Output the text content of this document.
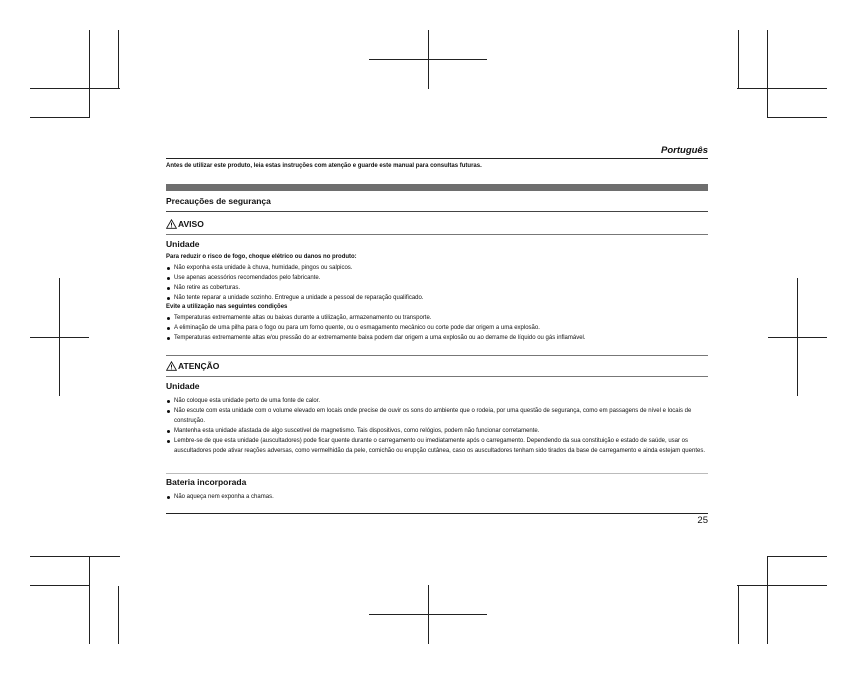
Português
Antes de utilizar este produto, leia estas instruções com atenção e guarde este manual para consultas futuras.
Precauções de segurança
AVISO
Unidade
Para reduzir o risco de fogo, choque elétrico ou danos no produto:
Não exponha esta unidade à chuva, humidade, pingos ou salpicos.
Use apenas acessórios recomendados pelo fabricante.
Não retire as coberturas.
Não tente reparar a unidade sozinho. Entregue a unidade a pessoal de reparação qualificado.
Evite a utilização nas seguintes condições
Temperaturas extremamente altas ou baixas durante a utilização, armazenamento ou transporte.
A eliminação de uma pilha para o fogo ou para um forno quente, ou o esmagamento mecânico ou corte pode dar origem a uma explosão.
Temperaturas extremamente altas e/ou pressão do ar extremamente baixa podem dar origem a uma explosão ou ao derrame de líquido ou gás inflamável.
ATENÇÃO
Unidade
Não coloque esta unidade perto de uma fonte de calor.
Não escute com esta unidade com o volume elevado em locais onde precise de ouvir os sons do ambiente que o rodeia, por uma questão de segurança, como em passagens de nível e locais de construção.
Mantenha esta unidade afastada de algo suscetível de magnetismo. Tais dispositivos, como relógios, podem não funcionar corretamente.
Lembre-se de que esta unidade (auscultadores) pode ficar quente durante o carregamento ou imediatamente após o carregamento. Dependendo da sua constituição e estado de saúde, usar os auscultadores pode ativar reações adversas, como vermelhidão da pele, comichão ou erupção cutânea, caso os auscultadores tenham sido tirados da base de carregamento e ainda estejam quentes.
Bateria incorporada
Não aqueça nem exponha a chamas.
25
